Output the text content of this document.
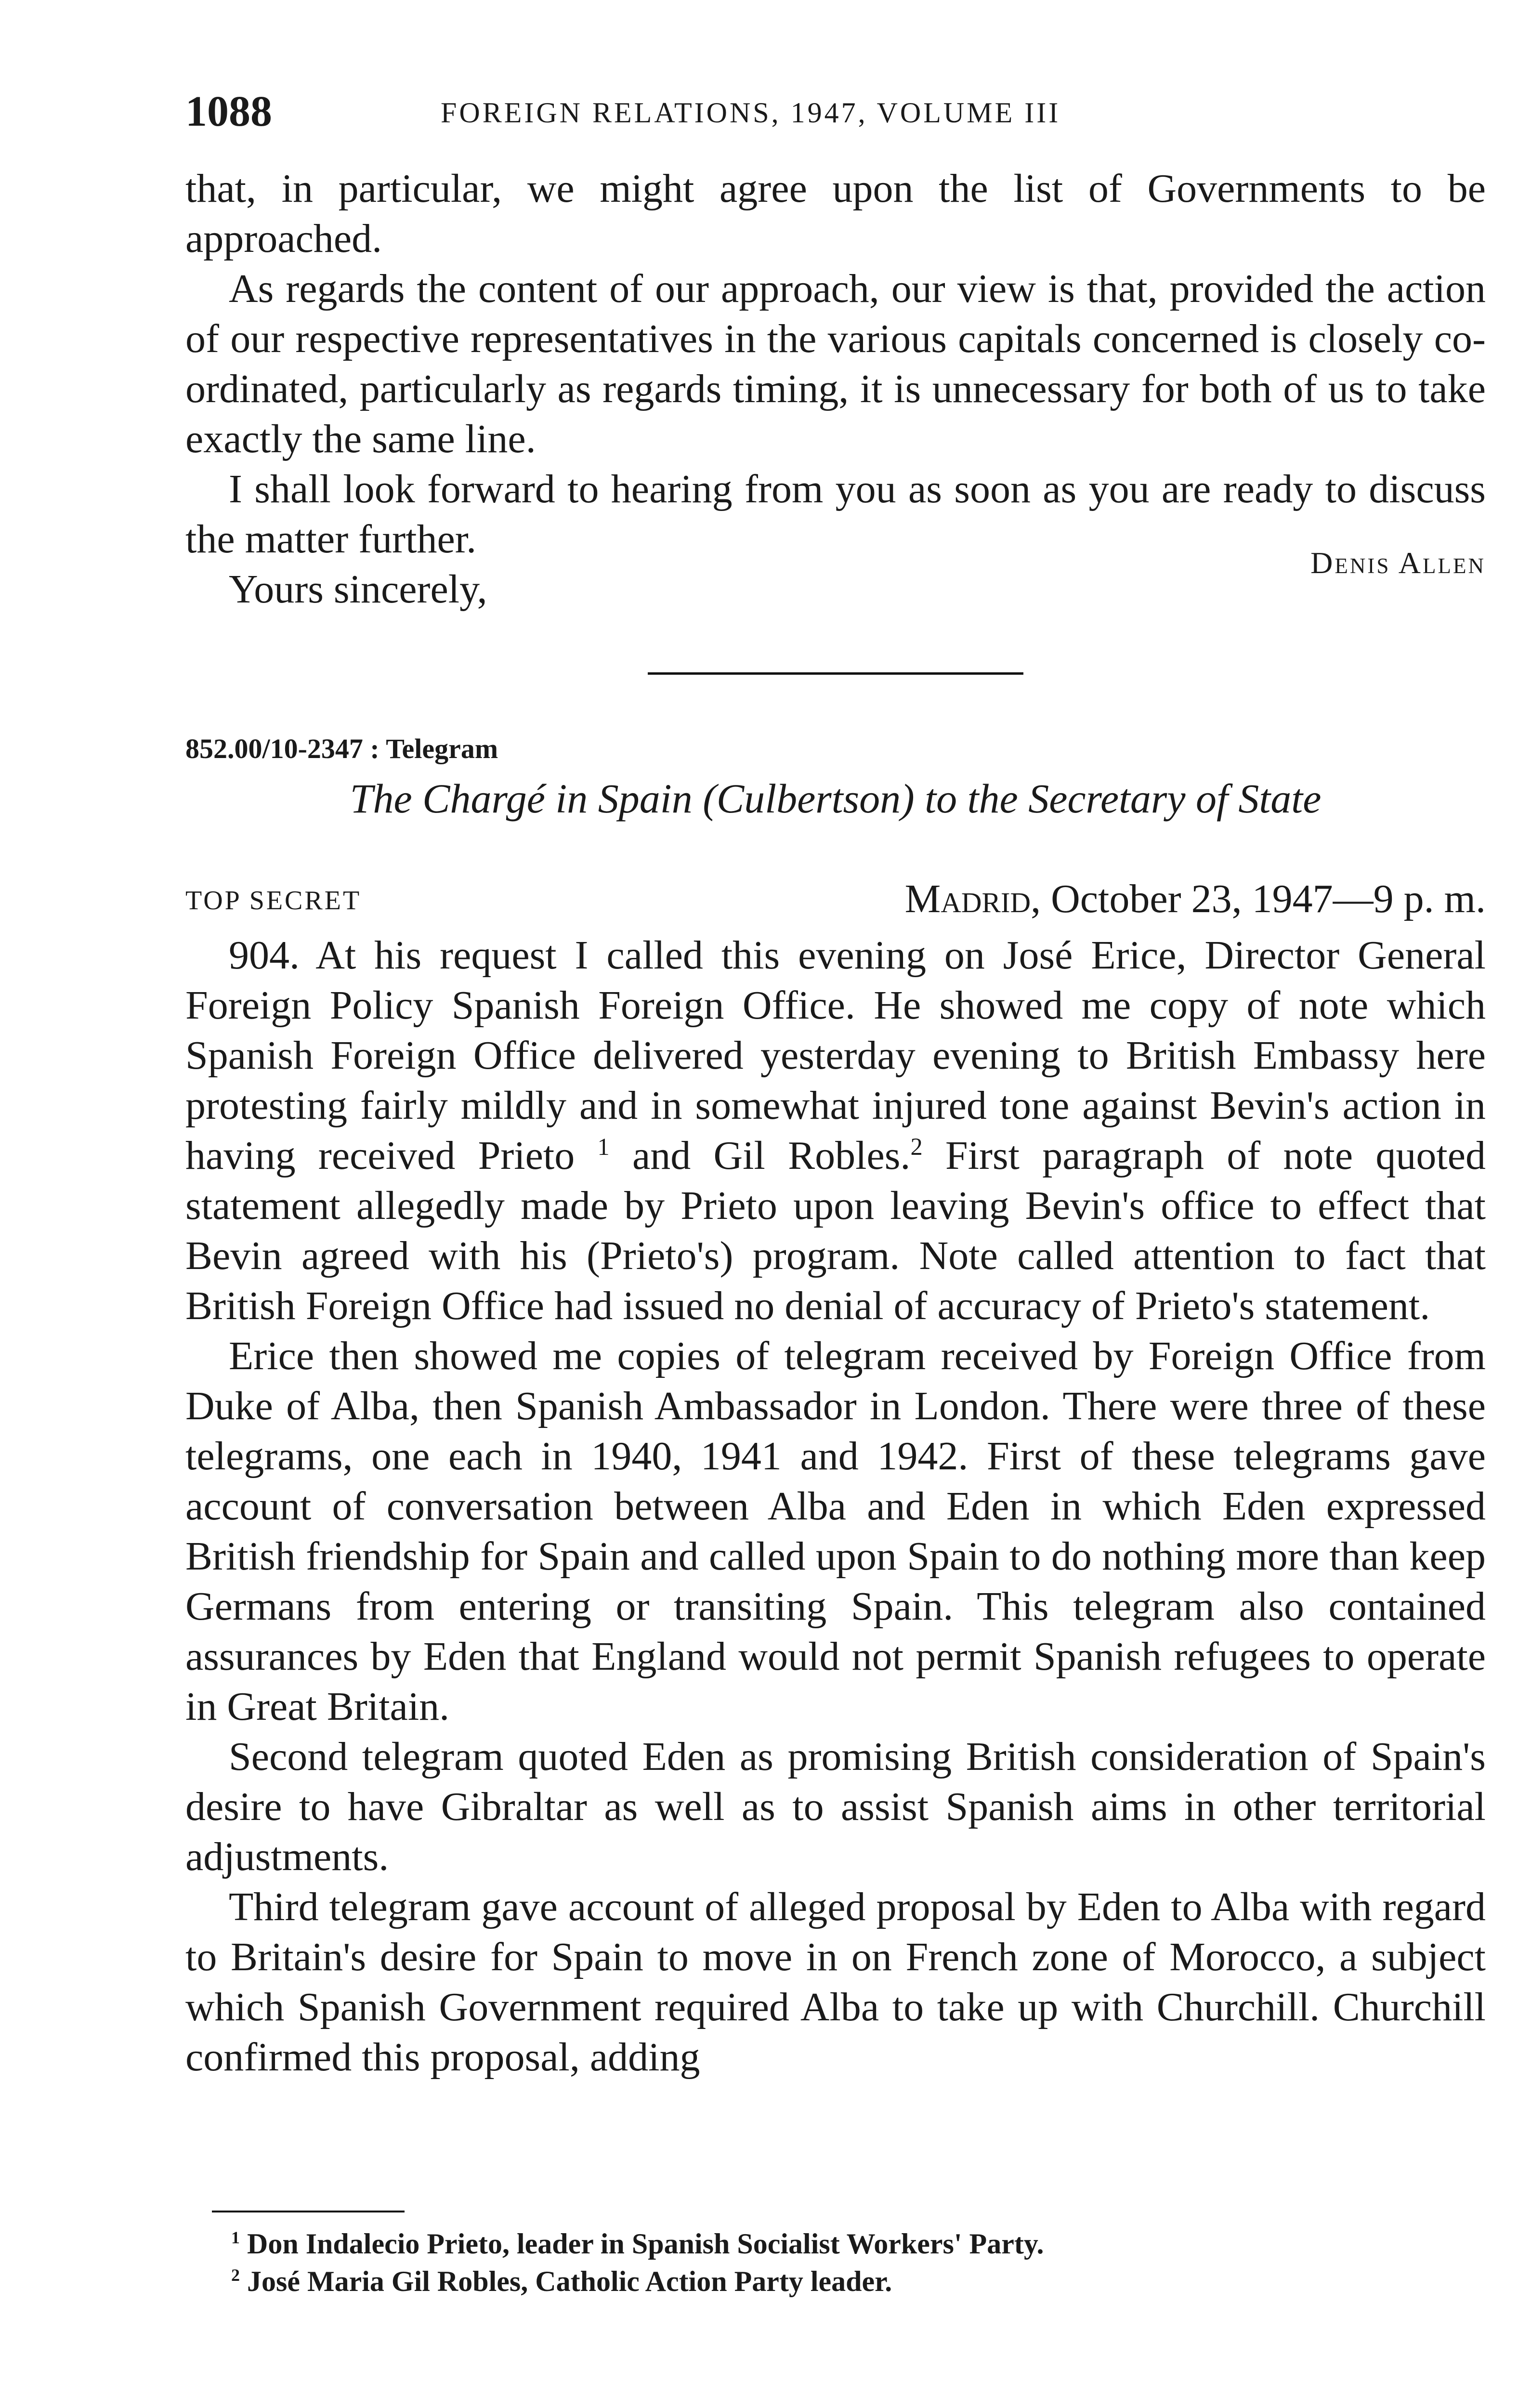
1088	FOREIGN RELATIONS, 1947, VOLUME III

that, in particular, we might agree upon the list of Governments to be approached.

As regards the content of our approach, our view is that, provided the action of our respective representatives in the various capitals concerned is closely co-ordinated, particularly as regards timing, it is unnecessary for both of us to take exactly the same line.

I shall look forward to hearing from you as soon as you are ready to discuss the matter further.

Yours sincerely,
Denis Allen

852.00/10-2347 : Telegram

The Chargé in Spain (Culbertson) to the Secretary of State

TOP SECRET	Madrid, October 23, 1947—9 p. m.

904. At his request I called this evening on José Erice, Director General Foreign Policy Spanish Foreign Office. He showed me copy of note which Spanish Foreign Office delivered yesterday evening to British Embassy here protesting fairly mildly and in somewhat injured tone against Bevin's action in having received Prieto $^1$ and Gil Robles.$^2$ First paragraph of note quoted statement allegedly made by Prieto upon leaving Bevin's office to effect that Bevin agreed with his (Prieto's) program. Note called attention to fact that British Foreign Office had issued no denial of accuracy of Prieto's statement.

Erice then showed me copies of telegram received by Foreign Office from Duke of Alba, then Spanish Ambassador in London. There were three of these telegrams, one each in 1940, 1941 and 1942. First of these telegrams gave account of conversation between Alba and Eden in which Eden expressed British friendship for Spain and called upon Spain to do nothing more than keep Germans from entering or transiting Spain. This telegram also contained assurances by Eden that England would not permit Spanish refugees to operate in Great Britain.

Second telegram quoted Eden as promising British consideration of Spain's desire to have Gibraltar as well as to assist Spanish aims in other territorial adjustments.

Third telegram gave account of alleged proposal by Eden to Alba with regard to Britain's desire for Spain to move in on French zone of Morocco, a subject which Spanish Government required Alba to take up with Churchill. Churchill confirmed this proposal, adding

$^1$ Don Indalecio Prieto, leader in Spanish Socialist Workers' Party.
$^2$ José Maria Gil Robles, Catholic Action Party leader.
